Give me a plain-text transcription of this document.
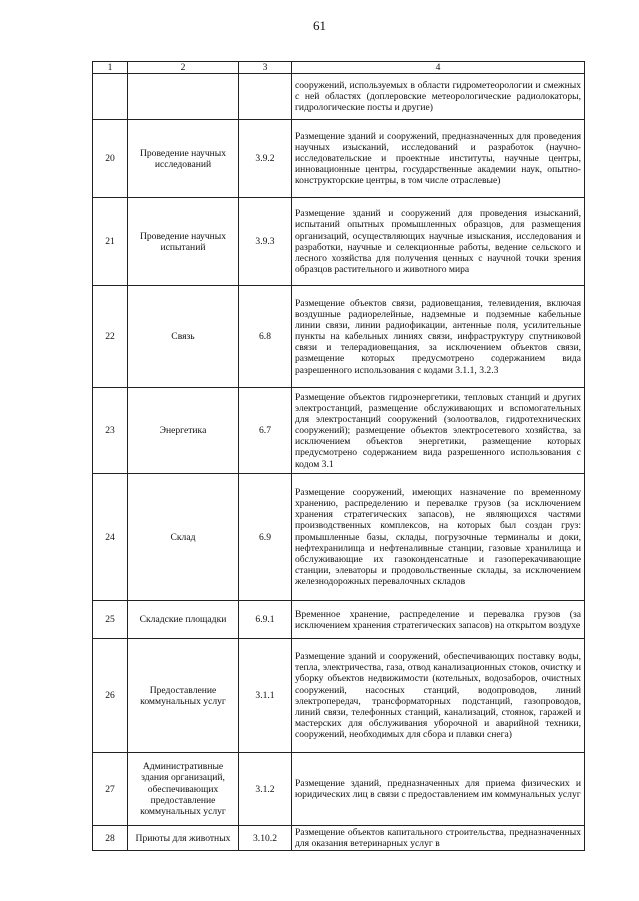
61
1	2	3	4
			сооружений, используемых в области гидрометеорологии и смежных с ней областях (доплеровские метеорологические радиолокаторы, гидрологические посты и другие)
20	Проведение научных исследований	3.9.2	Размещение зданий и сооружений, предназначенных для проведения научных изысканий, исследований и разработок (научно-исследовательские и проектные институты, научные центры, инновационные центры, государственные академии наук, опытно-конструкторские центры, в том числе отраслевые)
21	Проведение научных испытаний	3.9.3	Размещение зданий и сооружений для проведения изысканий, испытаний опытных промышленных образцов, для размещения организаций, осуществляющих научные изыскания, исследования и разработки, научные и селекционные работы, ведение сельского и лесного хозяйства для получения ценных с научной точки зрения образцов растительного и животного мира
22	Связь	6.8	Размещение объектов связи, радиовещания, телевидения, включая воздушные радиорелейные, надземные и подземные кабельные линии связи, линии радиофикации, антенные поля, усилительные пункты на кабельных линиях связи, инфраструктуру спутниковой связи и телерадиовещания, за исключением объектов связи, размещение которых предусмотрено содержанием вида разрешенного использования с кодами 3.1.1, 3.2.3
23	Энергетика	6.7	Размещение объектов гидроэнергетики, тепловых станций и других электростанций, размещение обслуживающих и вспомогательных для электростанций сооружений (золоотвалов, гидротехнических сооружений); размещение объектов электросетевого хозяйства, за исключением объектов энергетики, размещение которых предусмотрено содержанием вида разрешенного использования с кодом 3.1
24	Склад	6.9	Размещение сооружений, имеющих назначение по временному хранению, распределению и перевалке грузов (за исключением хранения стратегических запасов), не являющихся частями производственных комплексов, на которых был создан груз: промышленные базы, склады, погрузочные терминалы и доки, нефтехранилища и нефтеналивные станции, газовые хранилища и обслуживающие их газоконденсатные и газоперекачивающие станции, элеваторы и продовольственные склады, за исключением железнодорожных перевалочных складов
25	Складские площадки	6.9.1	Временное хранение, распределение и перевалка грузов (за исключением хранения стратегических запасов) на открытом воздухе
26	Предоставление коммунальных услуг	3.1.1	Размещение зданий и сооружений, обеспечивающих поставку воды, тепла, электричества, газа, отвод канализационных стоков, очистку и уборку объектов недвижимости (котельных, водозаборов, очистных сооружений, насосных станций, водопроводов, линий электропередач, трансформаторных подстанций, газопроводов, линий связи, телефонных станций, канализаций, стоянок, гаражей и мастерских для обслуживания уборочной и аварийной техники, сооружений, необходимых для сбора и плавки снега)
27	Административные здания организаций, обеспечивающих предоставление коммунальных услуг	3.1.2	Размещение зданий, предназначенных для приема физических и юридических лиц в связи с предоставлением им коммунальных услуг
28	Приюты для животных	3.10.2	Размещение объектов капитального строительства, предназначенных для оказания ветеринарных услуг в
